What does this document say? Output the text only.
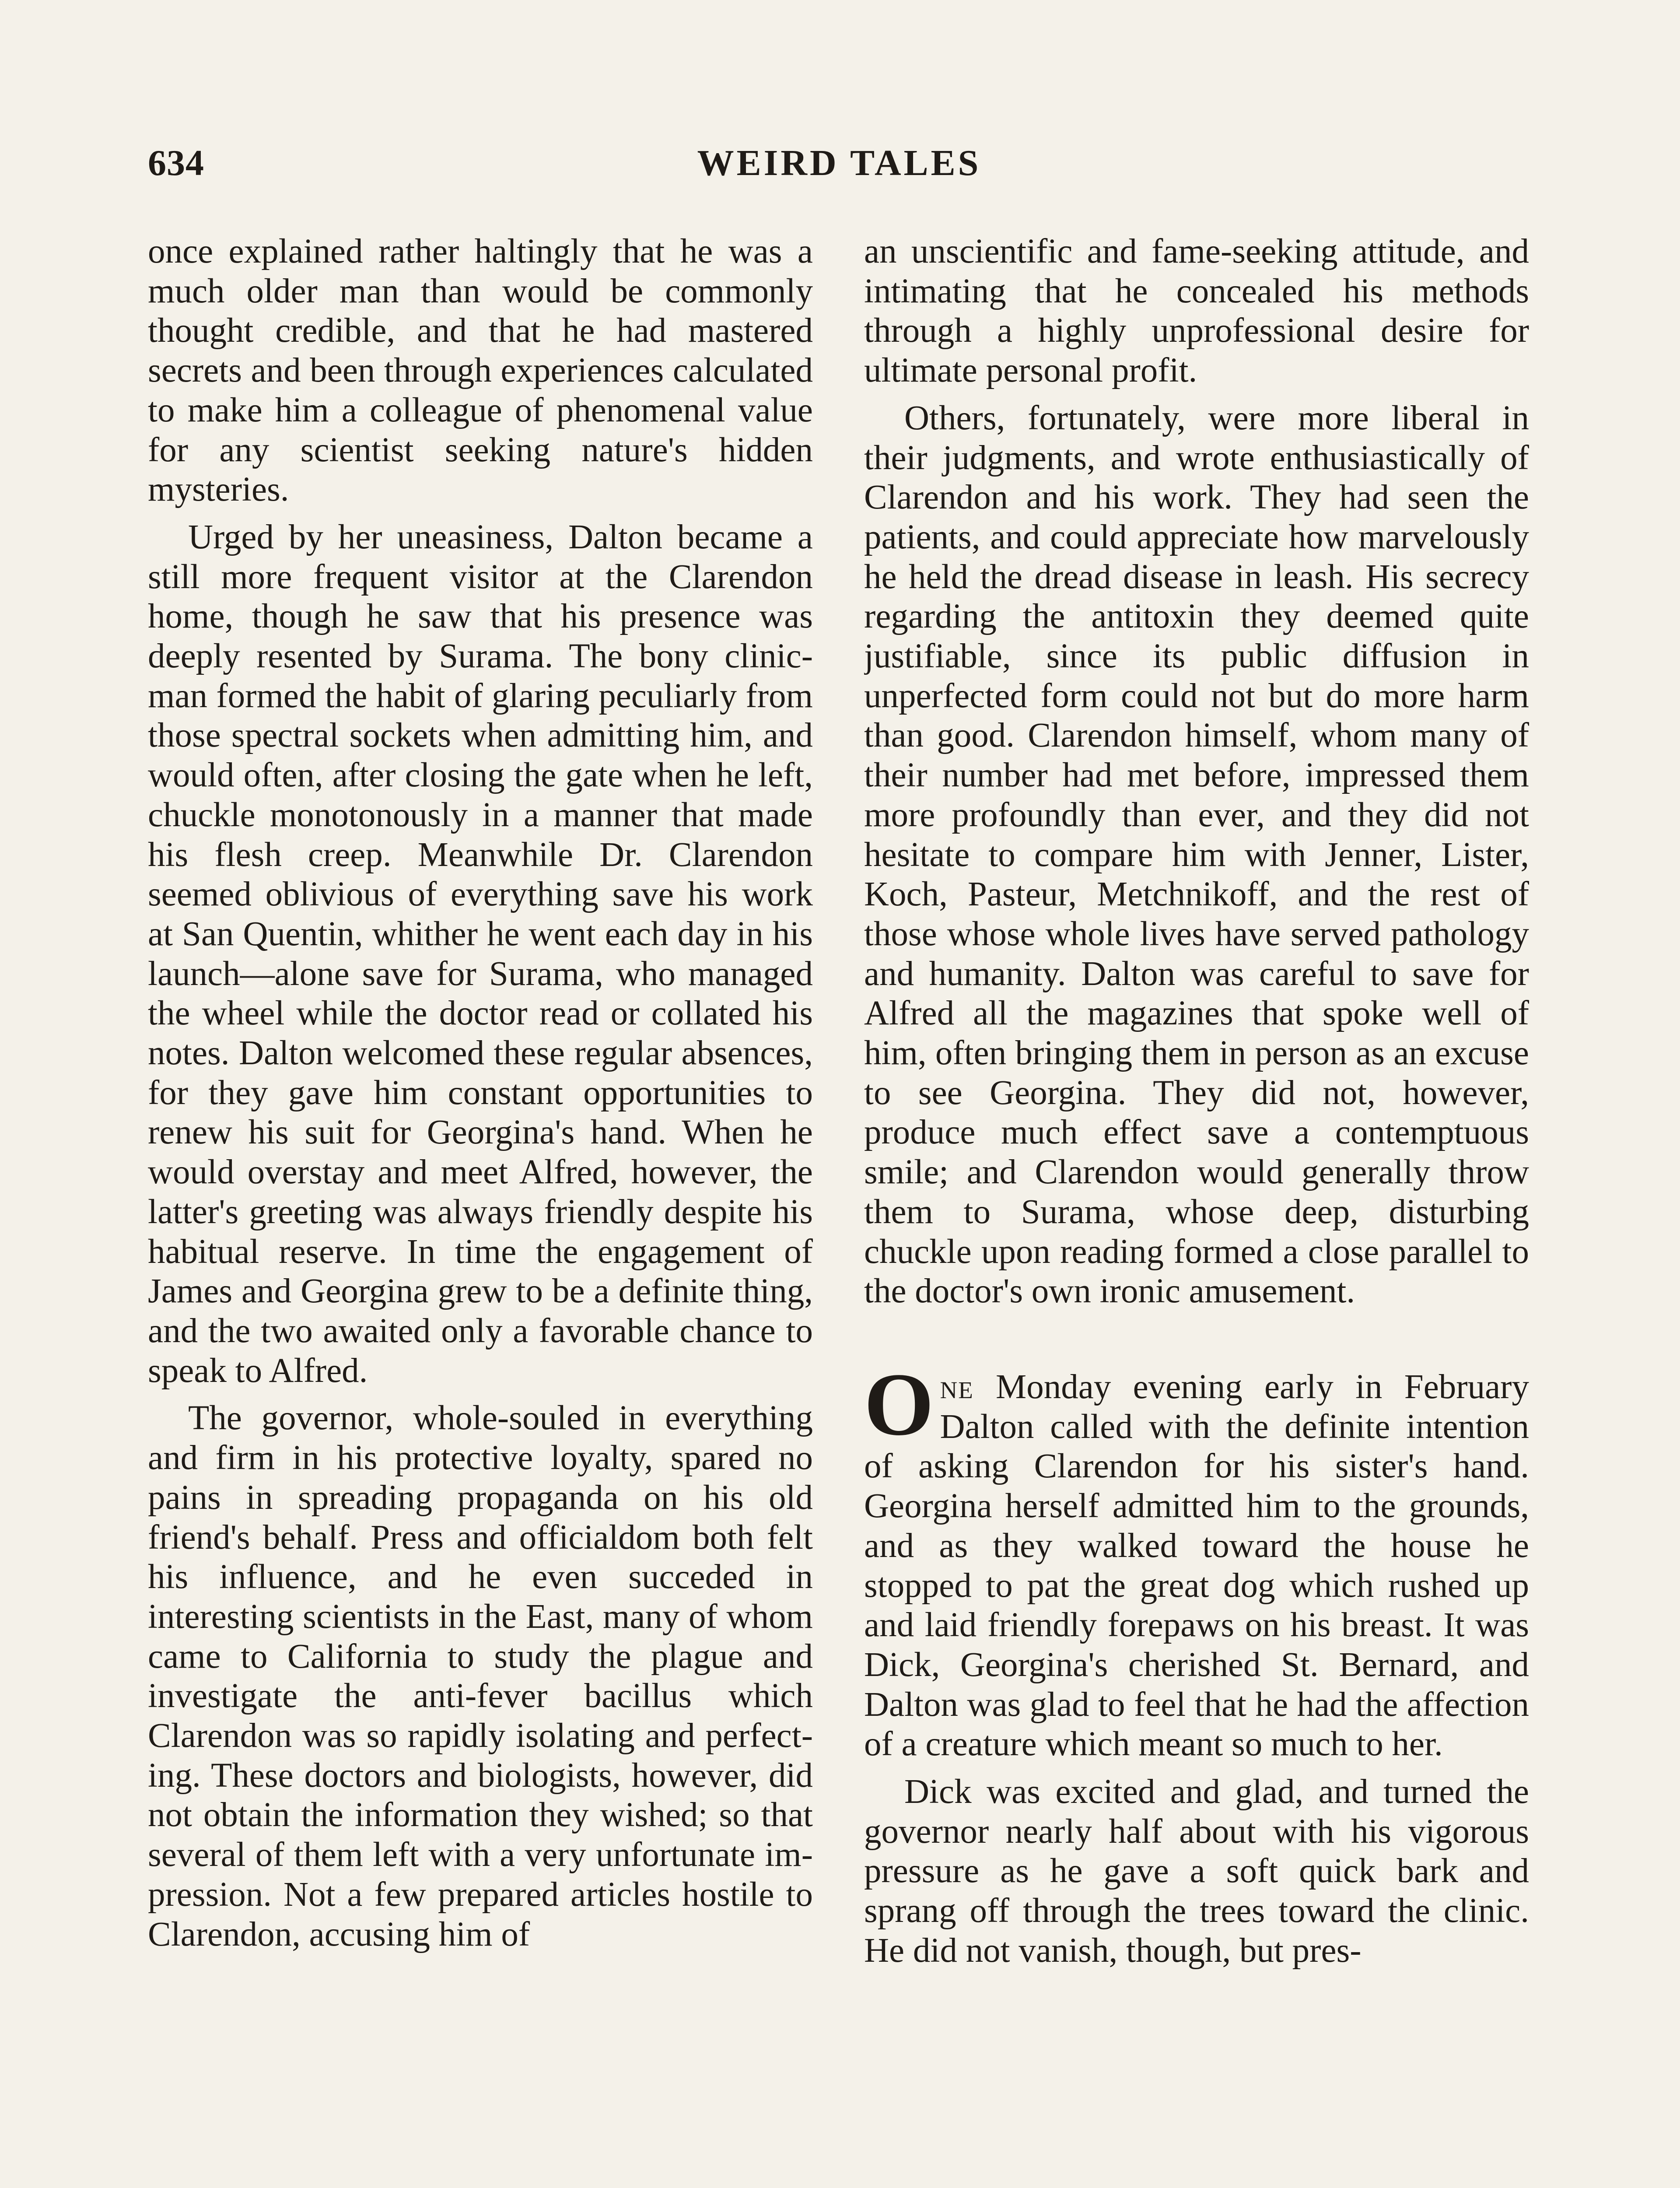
WEIRD TALES
634

once explained rather haltingly that he was a much older man than would be commonly thought credible, and that he had mastered secrets and been through experiences calculated to make him a colleague of phenomenal value for any scientist seeking nature's hidden mysteries.

Urged by her uneasiness, Dalton became a still more frequent visitor at the Clarendon home, though he saw that his presence was deeply resented by Surama. The bony clinic-man formed the habit of glaring peculiarly from those spectral sockets when admitting him, and would often, after closing the gate when he left, chuckle monotonously in a manner that made his flesh creep. Meanwhile Dr. Clarendon seemed oblivious of everything save his work at San Quentin, whither he went each day in his launch—alone save for Surama, who managed the wheel while the doctor read or collated his notes. Dalton welcomed these regular absences, for they gave him constant opportunities to renew his suit for Georgina's hand. When he would overstay and meet Alfred, however, the latter's greeting was always friendly despite his habitual reserve. In time the engagement of James and Georgina grew to be a definite thing, and the two awaited only a favorable chance to speak to Alfred.

The governor, whole-souled in everything and firm in his protective loyalty, spared no pains in spreading propaganda on his old friend's behalf. Press and officialdom both felt his influence, and he even succeded in interesting scientists in the East, many of whom came to California to study the plague and investigate the anti-fever bacillus which Clarendon was so rapidly isolating and perfecting. These doctors and biologists, however, did not obtain the information they wished; so that several of them left with a very unfortunate impression. Not a few prepared articles hostile to Clarendon, accusing him of

an unscientific and fame-seeking attitude, and intimating that he concealed his methods through a highly unprofessional desire for ultimate personal profit.

Others, fortunately, were more liberal in their judgments, and wrote enthusiastically of Clarendon and his work. They had seen the patients, and could appreciate how marvelously he held the dread disease in leash. His secrecy regarding the antitoxin they deemed quite justifiable, since its public diffusion in unperfected form could not but do more harm than good. Clarendon himself, whom many of their number had met before, impressed them more profoundly than ever, and they did not hesitate to compare him with Jenner, Lister, Koch, Pasteur, Metchnikoff, and the rest of those whose whole lives have served pathology and humanity. Dalton was careful to save for Alfred all the magazines that spoke well of him, often bringing them in person as an excuse to see Georgina. They did not, however, produce much effect save a contemptuous smile; and Clarendon would generally throw them to Surama, whose deep, disturbing chuckle upon reading formed a close parallel to the doctor's own ironic amusement.

One Monday evening early in February Dalton called with the definite intention of asking Clarendon for his sister's hand. Georgina herself admitted him to the grounds, and as they walked toward the house he stopped to pat the great dog which rushed up and laid friendly forepaws on his breast. It was Dick, Georgina's cherished St. Bernard, and Dalton was glad to feel that he had the affection of a creature which meant so much to her.

Dick was excited and glad, and turned the governor nearly half about with his vigorous pressure as he gave a soft quick bark and sprang off through the trees toward the clinic. He did not vanish, though, but pres-
